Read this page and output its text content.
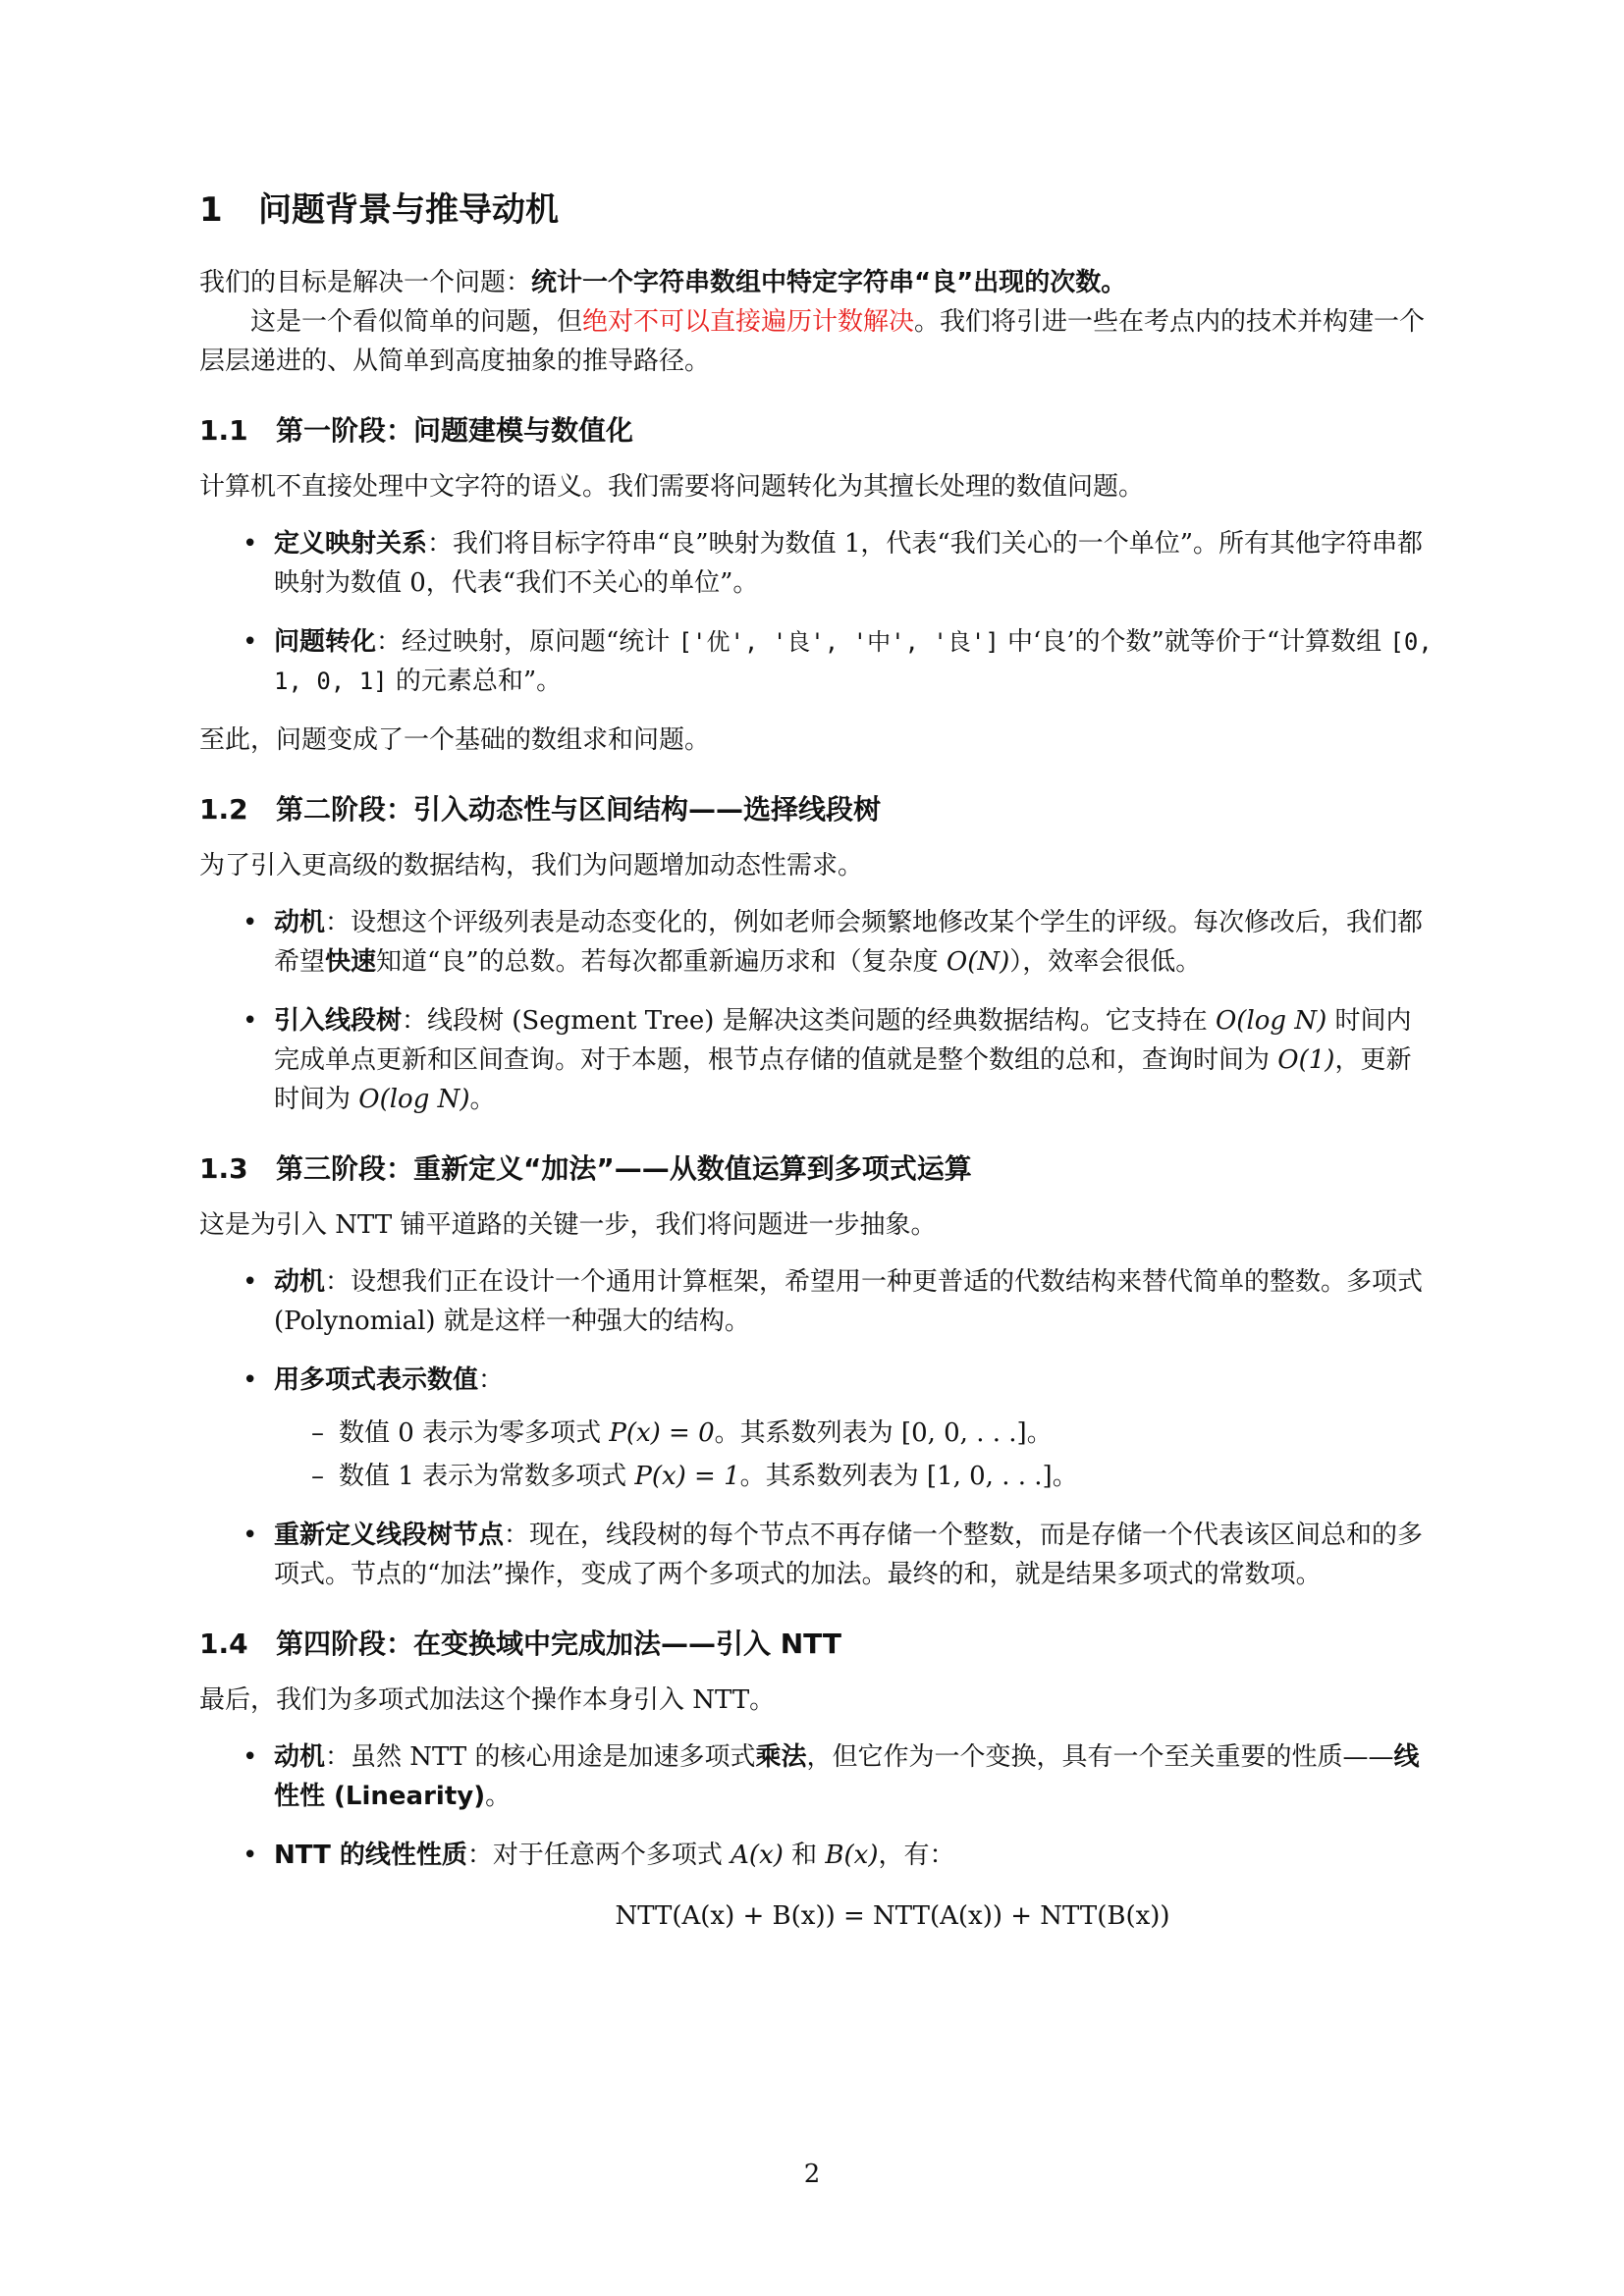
1 问题背景与推导动机

我们的目标是解决一个问题：统计一个字符串数组中特定字符串“良”出现的次数。

这是一个看似简单的问题，但绝对不可以直接遍历计数解决。我们将引进一些在考点内的技术并构建一个层层递进的、从简单到高度抽象的推导路径。

1.1 第一阶段：问题建模与数值化

计算机不直接处理中文字符的语义。我们需要将问题转化为其擅长处理的数值问题。

• 定义映射关系：我们将目标字符串“良”映射为数值 1，代表“我们关心的一个单位”。所有其他字符串都映射为数值 0，代表“我们不关心的单位”。
• 问题转化：经过映射，原问题“统计 ['优', '良', '中', '良'] 中‘良’的个数”就等价于“计算数组 [0, 1, 0, 1] 的元素总和”。

至此，问题变成了一个基础的数组求和问题。

1.2 第二阶段：引入动态性与区间结构——选择线段树

为了引入更高级的数据结构，我们为问题增加动态性需求。

• 动机：设想这个评级列表是动态变化的，例如老师会频繁地修改某个学生的评级。每次修改后，我们都希望快速知道“良”的总数。若每次都重新遍历求和（复杂度 O(N)），效率会很低。
• 引入线段树：线段树 (Segment Tree) 是解决这类问题的经典数据结构。它支持在 O(log N) 时间内完成单点更新和区间查询。对于本题，根节点存储的值就是整个数组的总和，查询时间为 O(1)，更新时间为 O(log N)。
1.3 第三阶段：重新定义“加法”——从数值运算到多项式运算

这是为引入 NTT 铺平道路的关键一步，我们将问题进一步抽象。

• 动机：设想我们正在设计一个通用计算框架，希望用一种更普适的代数结构来替代简单的整数。多项式 (Polynomial) 就是这样一种强大的结构。
• 用多项式表示数值：
– 数值 0 表示为零多项式 P(x) = 0。其系数列表为 [0, 0, . . .]。
– 数值 1 表示为常数多项式 P(x) = 1。其系数列表为 [1, 0, . . .]。
• 重新定义线段树节点：现在，线段树的每个节点不再存储一个整数，而是存储一个代表该区间总和的多项式。节点的“加法”操作，变成了两个多项式的加法。最终的和，就是结果多项式的常数项。
1.4 第四阶段：在变换域中完成加法——引入 NTT

最后，我们为多项式加法这个操作本身引入 NTT。

• 动机：虽然 NTT 的核心用途是加速多项式乘法，但它作为一个变换，具有一个至关重要的性质——线性性 (Linearity)。
• NTT 的线性性质：对于任意两个多项式 A(x) 和 B(x)，有：
NTT(A(x) + B(x)) = NTT(A(x)) + NTT(B(x))
2
